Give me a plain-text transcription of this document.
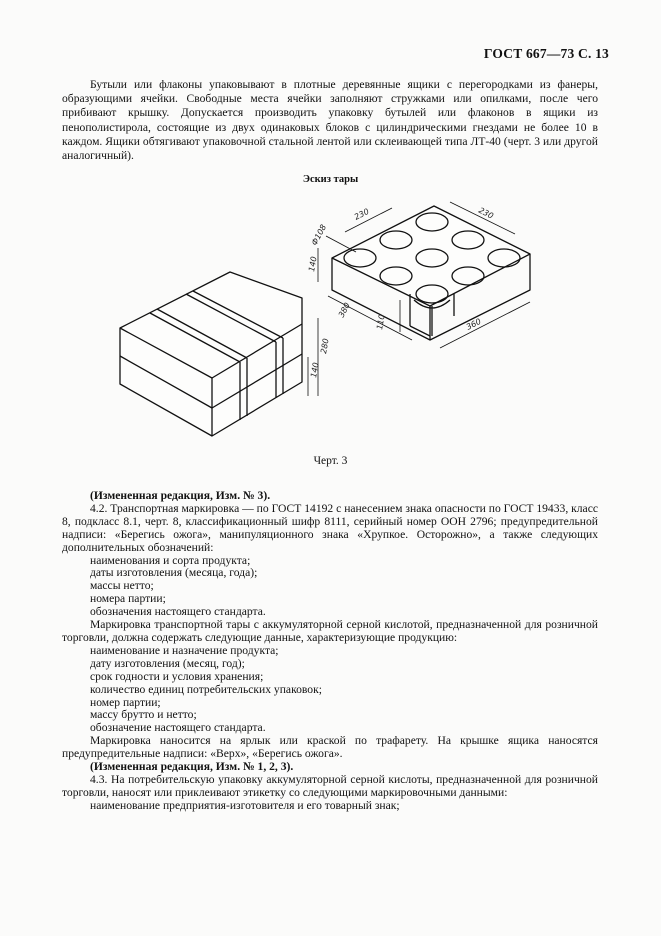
ГОСТ 667—73 С. 13
Бутыли или флаконы упаковывают в плотные деревянные ящики с перегородками из фанеры, образующими ячейки. Свободные места ячейки заполняют стружками или опилками, после чего прибивают крышку. Допускается производить упаковку бутылей или флаконов в ящики из пенополистирола, состоящие из двух одинаковых блоков с цилиндрическими гнездами не более 10 в каждом. Ящики обтягивают упаковочной стальной лентой или склеивающей типа ЛТ-40 (черт. 3 или другой аналогичный).
Эскиз тары
Ф108
230	230
140
380
110	360
280
140
Черт. 3
(Измененная редакция, Изм. № 3).
4.2. Транспортная маркировка — по ГОСТ 14192 с нанесением знака опасности по ГОСТ 19433, класс 8, подкласс 8.1, черт. 8, классификационный шифр 8111, серийный номер ООН 2796; предупредительной надписи: «Берегись ожога», манипуляционного знака «Хрупкое. Осторожно», а также следующих дополнительных обозначений:
наименования и сорта продукта;
даты изготовления (месяца, года);
массы нетто;
номера партии;
обозначения настоящего стандарта.
Маркировка транспортной тары с аккумуляторной серной кислотой, предназначенной для розничной торговли, должна содержать следующие данные, характеризующие продукцию:
наименование и назначение продукта;
дату изготовления (месяц, год);
срок годности и условия хранения;
количество единиц потребительских упаковок;
номер партии;
массу брутто и нетто;
обозначение настоящего стандарта.
Маркировка наносится на ярлык или краской по трафарету. На крышке ящика наносятся предупредительные надписи: «Верх», «Берегись ожога».
(Измененная редакция, Изм. № 1, 2, 3).
4.3. На потребительскую упаковку аккумуляторной серной кислоты, предназначенной для розничной торговли, наносят или приклеивают этикетку со следующими маркировочными данными:
наименование предприятия-изготовителя и его товарный знак;
